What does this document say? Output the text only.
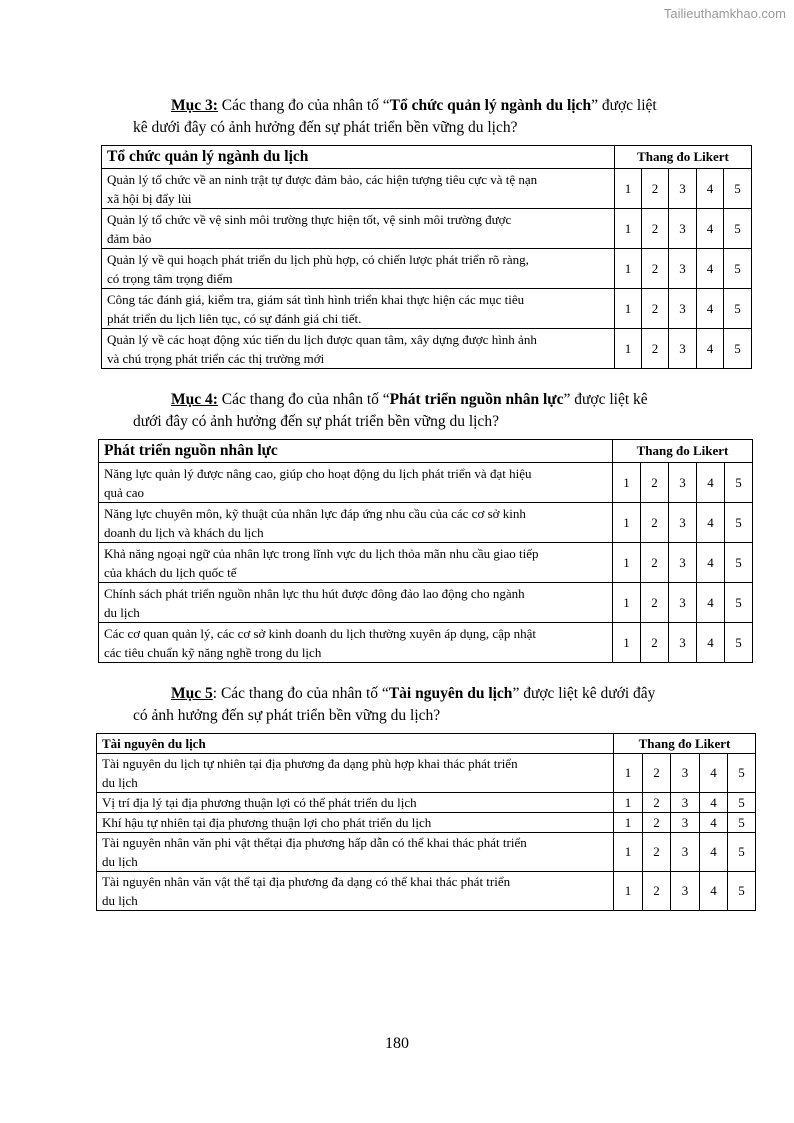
Tailieuthamkhao.com
Mục 3: Các thang đo của nhân tố “Tổ chức quản lý ngành du lịch” được liệt
kê dưới đây có ảnh hưởng đến sự phát triển bền vững du lịch?
Tổ chức quản lý ngành du lịch	Thang đo Likert				

Quản lý tổ chức về an ninh trật tự được đảm bảo, các hiện tượng tiêu cực và tệ nạn
xã hội bị đẩy lùi	1	2	3	4	5

Quản lý tổ chức về vệ sinh môi trường thực hiện tốt, vệ sinh môi trường được
đảm bảo	1	2	3	4	5

Quản lý về qui hoạch phát triển du lịch phù hợp, có chiến lược phát triển rõ ràng,
có trọng tâm trọng điểm	1	2	3	4	5

Công tác đánh giá, kiểm tra, giám sát tình hình triển khai thực hiện các mục tiêu
phát triển du lịch liên tục, có sự đánh giá chi tiết.	1	2	3	4	5

Quản lý về các hoạt động xúc tiến du lịch được quan tâm, xây dựng được hình ảnh
và chú trọng phát triển các thị trường mới	1	2	3	4	5
Mục 4: Các thang đo của nhân tố “Phát triển nguồn nhân lực” được liệt kê
dưới đây có ảnh hưởng đến sự phát triển bền vững du lịch?
Phát triển nguồn nhân lực	Thang đo Likert				

Năng lực quản lý được nâng cao, giúp cho hoạt động du lịch phát triển và đạt hiệu
quả cao	1	2	3	4	5

Năng lực chuyên môn, kỹ thuật của nhân lực đáp ứng nhu cầu của các cơ sở kinh
doanh du lịch và khách du lịch	1	2	3	4	5

Khả năng ngoại ngữ của nhân lực trong lĩnh vực du lịch thỏa mãn nhu cầu giao tiếp
của khách du lịch quốc tế	1	2	3	4	5

Chính sách phát triển nguồn nhân lực thu hút được đông đảo lao động cho ngành
du lịch	1	2	3	4	5

Các cơ quan quản lý, các cơ sở kinh doanh du lịch thường xuyên áp dụng, cập nhật
các tiêu chuẩn kỹ năng nghề trong du lịch	1	2	3	4	5
Mục 5: Các thang đo của nhân tố “Tài nguyên du lịch” được liệt kê dưới đây
có ảnh hưởng đến sự phát triển bền vững du lịch?
Tài nguyên du lịch	Thang đo Likert				

Tài nguyên du lịch tự nhiên tại địa phương đa dạng phù hợp khai thác phát triển
du lịch	1	2	3	4	5

Vị trí địa lý tại địa phương thuận lợi có thể phát triển du lịch	1	2	3	4	5

Khí hậu tự nhiên tại địa phương thuận lợi cho phát triển du lịch	1	2	3	4	5

Tài nguyên nhân văn phi vật thểtại địa phương hấp dẫn có thể khai thác phát triển
du lịch	1	2	3	4	5

Tài nguyên nhân văn vật thể tại địa phương đa dạng có thể khai thác phát triển
du lịch	1	2	3	4	5
180
